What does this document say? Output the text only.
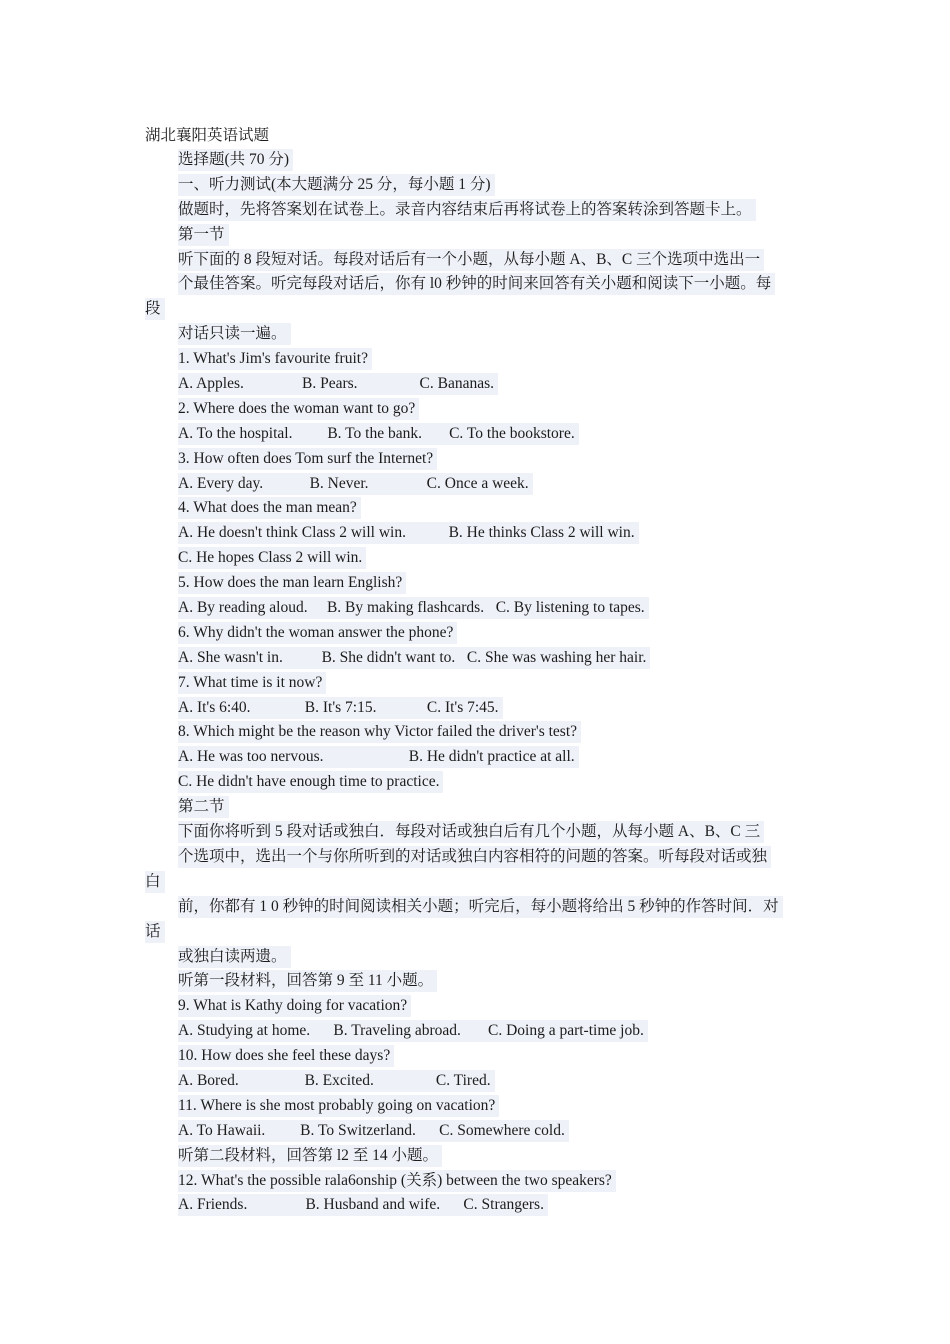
湖北襄阳英语试题
选择题(共 70 分)
一、听力测试(本大题满分 25 分，每小题 1 分)
做题时，先将答案划在试卷上。录音内容结束后再将试卷上的答案转涂到答题卡上。
第一节
听下面的 8 段短对话。每段对话后有一个小题，从每小题 A、B、C 三个选项中选出一
个最佳答案。听完每段对话后，你有 l0 秒钟的时间来回答有关小题和阅读下一小题。每
段
对话只读一遍。
1. What's Jim's favourite fruit?
A. Apples.               B. Pears.                C. Bananas.
2. Where does the woman want to go?
A. To the hospital.         B. To the bank.       C. To the bookstore.
3. How often does Tom surf the Internet?
A. Every day.            B. Never.               C. Once a week.
4. What does the man mean?
A. He doesn't think Class 2 will win.           B. He thinks Class 2 will win.
C. He hopes Class 2 will win.
5. How does the man learn English?
A. By reading aloud.     B. By making flashcards.   C. By listening to tapes.
6. Why didn't the woman answer the phone?
A. She wasn't in.          B. She didn't want to.   C. She was washing her hair.
7. What time is it now?
A. It's 6:40.              B. It's 7:15.             C. It's 7:45.
8. Which might be the reason why Victor failed the driver's test?
A. He was too nervous.                      B. He didn't practice at all.
C. He didn't have enough time to practice.
第二节
下面你将听到 5 段对话或独白．每段对话或独白后有几个小题，从每小题 A、B、C 三
个选项中，选出一个与你所听到的对话或独白内容相符的问题的答案。听每段对话或独
白
前，你都有 1 0 秒钟的时间阅读相关小题；听完后，每小题将给出 5 秒钟的作答时间．对
话
或独白读两遗。
听第一段材料，回答第 9 至 11 小题。
9. What is Kathy doing for vacation?
A. Studying at home.      B. Traveling abroad.       C. Doing a part-time job.
10. How does she feel these days?
A. Bored.                 B. Excited.                C. Tired.
11. Where is she most probably going on vacation?
A. To Hawaii.         B. To Switzerland.      C. Somewhere cold.
听第二段材料，回答第 l2 至 14 小题。
12. What's the possible rala6onship (关系) between the two speakers?
A. Friends.               B. Husband and wife.      C. Strangers.
